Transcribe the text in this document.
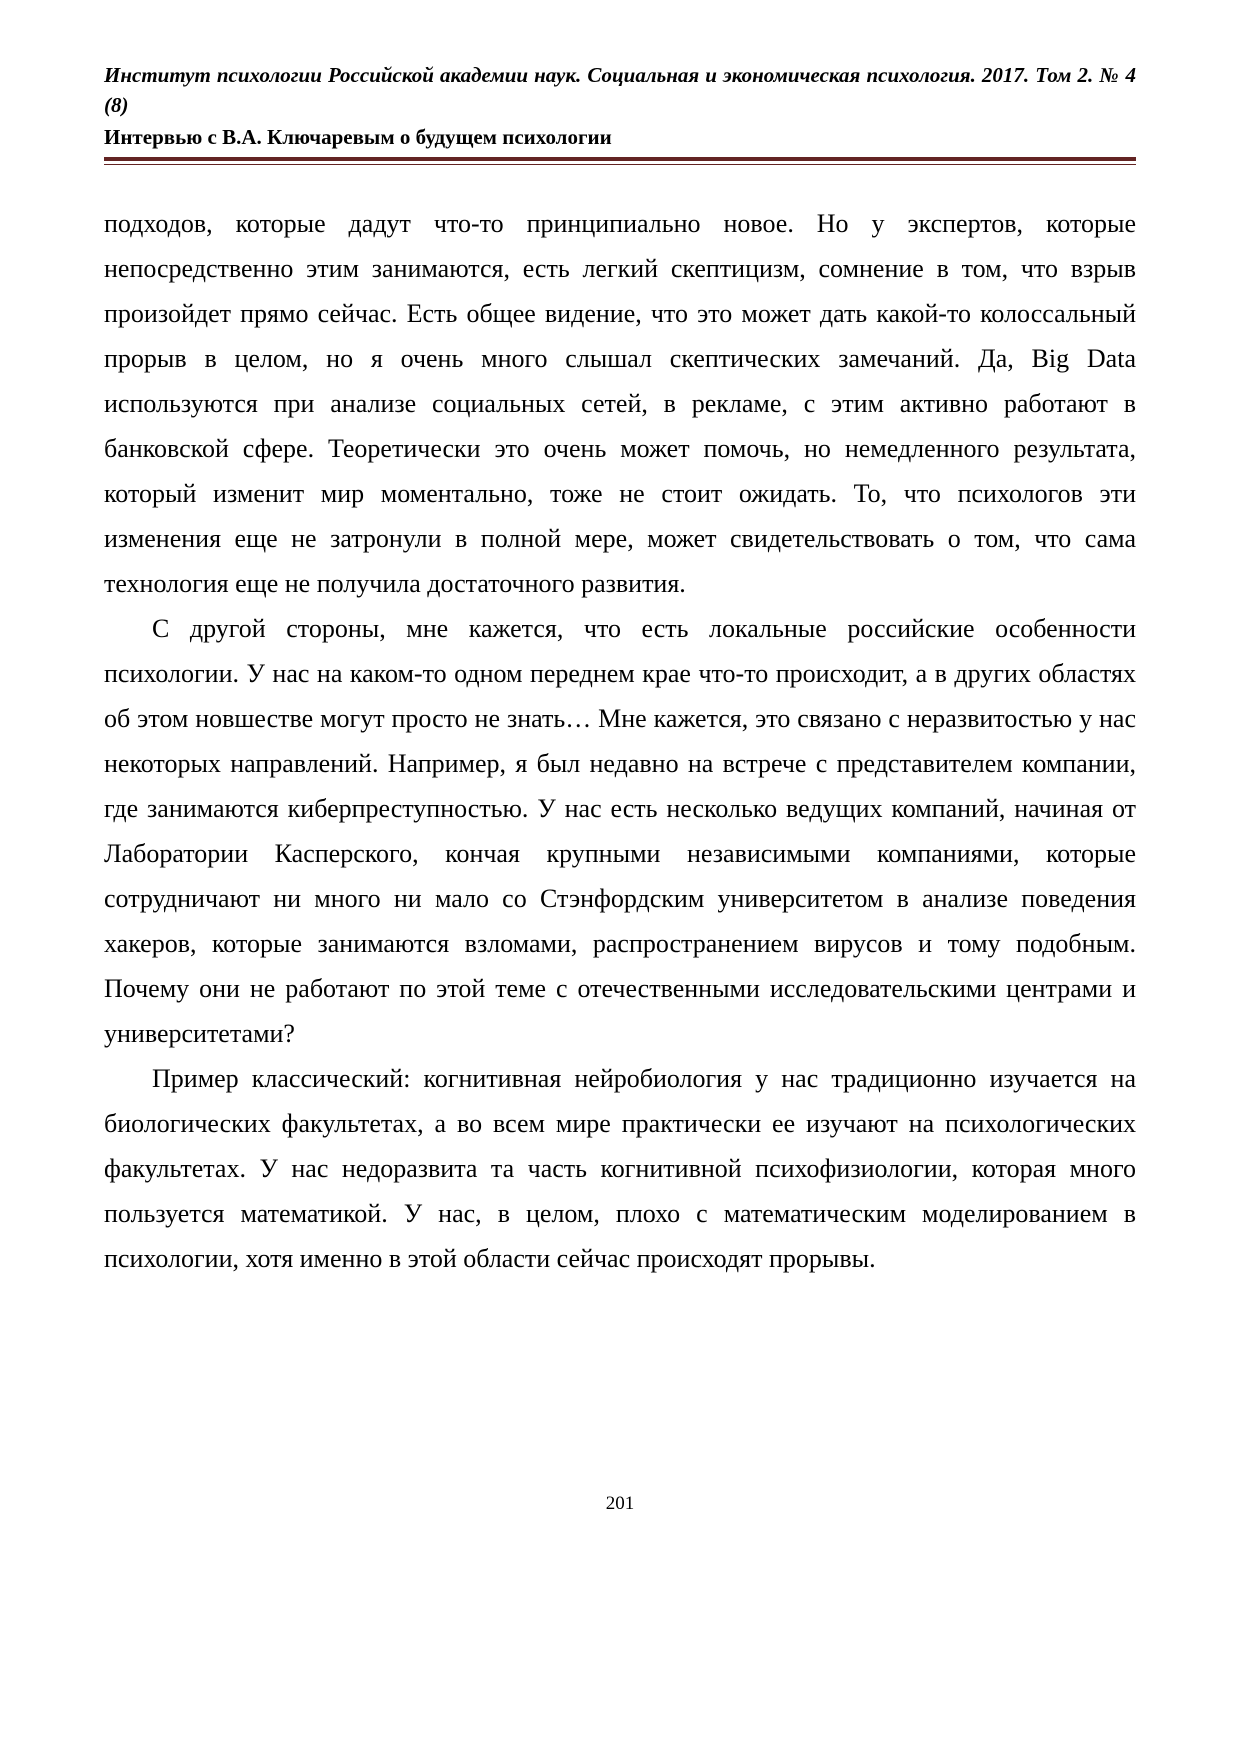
Институт психологии Российской академии наук. Социальная и экономическая психология. 2017. Том 2. № 4 (8)
Интервью с В.А. Ключаревым о будущем психологии

подходов, которые дадут что-то принципиально новое. Но у экспертов, которые непосредственно этим занимаются, есть легкий скептицизм, сомнение в том, что взрыв произойдет прямо сейчас. Есть общее видение, что это может дать какой-то колоссальный прорыв в целом, но я очень много слышал скептических замечаний. Да, Big Data используются при анализе социальных сетей, в рекламе, с этим активно работают в банковской сфере. Теоретически это очень может помочь, но немедленного результата, который изменит мир моментально, тоже не стоит ожидать. То, что психологов эти изменения еще не затронули в полной мере, может свидетельствовать о том, что сама технология еще не получила достаточного развития.

С другой стороны, мне кажется, что есть локальные российские особенности психологии. У нас на каком-то одном переднем крае что-то происходит, а в других областях об этом новшестве могут просто не знать… Мне кажется, это связано с неразвитостью у нас некоторых направлений. Например, я был недавно на встрече с представителем компании, где занимаются киберпреступностью. У нас есть несколько ведущих компаний, начиная от Лаборатории Касперского, кончая крупными независимыми компаниями, которые сотрудничают ни много ни мало со Стэнфордским университетом в анализе поведения хакеров, которые занимаются взломами, распространением вирусов и тому подобным. Почему они не работают по этой теме с отечественными исследовательскими центрами и университетами?

Пример классический: когнитивная нейробиология у нас традиционно изучается на биологических факультетах, а во всем мире практически ее изучают на психологических факультетах. У нас недоразвита та часть когнитивной психофизиологии, которая много пользуется математикой. У нас, в целом, плохо с математическим моделированием в психологии, хотя именно в этой области сейчас происходят прорывы.

201
